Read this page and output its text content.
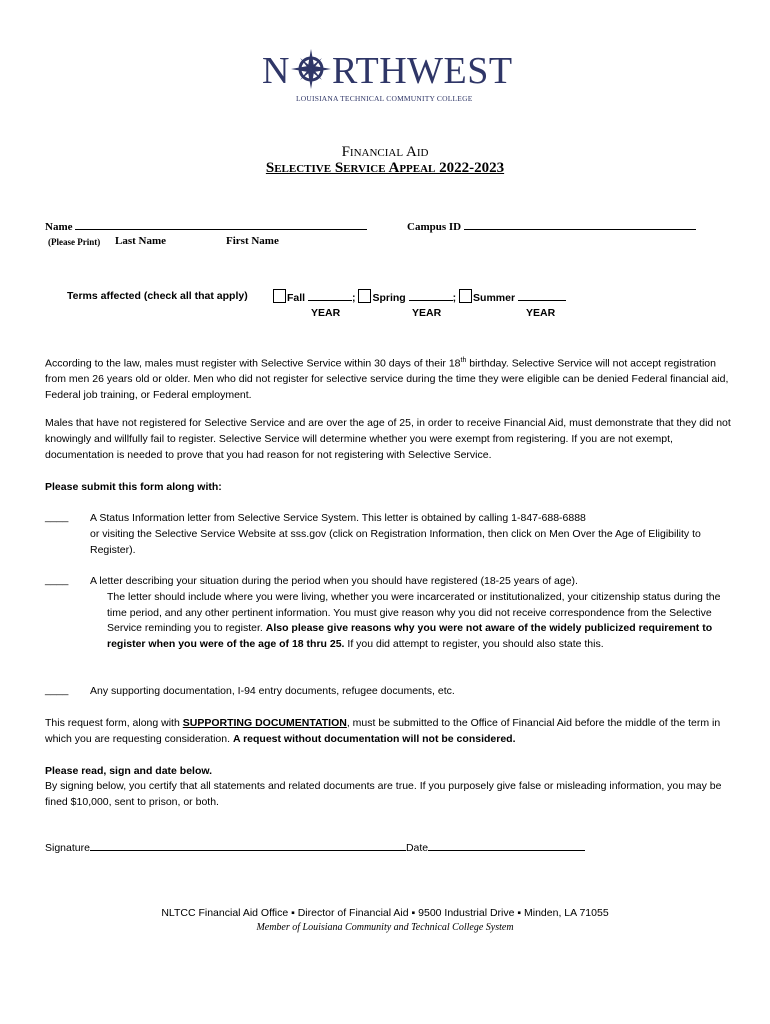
N RTHWEST
LOUISIANA TECHNICAL COMMUNITY COLLEGE
Financial Aid
Selective Service Appeal 2022-2023
Name	Campus ID
(Please Print) Last Name	First Name
Terms affected (check all that apply)	Fall	; Spring	; Summer
YEAR	YEAR	YEAR

According to the law, males must register with Selective Service within 30 days of their 18th birthday. Selective Service will not accept registration from men 26 years old or older. Men who did not register for selective service during the time they were eligible can be denied Federal financial aid, Federal job training, or Federal employment.

Males that have not registered for Selective Service and are over the age of 25, in order to receive Financial Aid, must demonstrate that they did not knowingly and willfully fail to register. Selective Service will determine whether you were exempt from registering. If you are not exempt, documentation is needed to prove that you had reason for not registering with Selective Service.

Please submit this form along with:

____ A Status Information letter from Selective Service System. This letter is obtained by calling 1-847-688-6888
or visiting the Selective Service Website at sss.gov (click on Registration Information, then click on Men Over the Age of Eligibility to Register).

____ A letter describing your situation during the period when you should have registered (18-25 years of age).
The letter should include where you were living, whether you were incarcerated or institutionalized, your citizenship status during the time period, and any other pertinent information. You must give reason why you did not receive correspondence from the Selective Service reminding you to register. Also please give reasons why you were not aware of the widely publicized requirement to register when you were of the age of 18 thru 25. If you did attempt to register, you should also state this.

____ Any supporting documentation, I-94 entry documents, refugee documents, etc.

This request form, along with SUPPORTING DOCUMENTATION, must be submitted to the Office of Financial Aid before the middle of the term in which you are requesting consideration. A request without documentation will not be considered.

Please read, sign and date below.

By signing below, you certify that all statements and related documents are true. If you purposely give false or misleading information, you may be fined $10,000, sent to prison, or both.

Signature	Date
NLTCC Financial Aid Office ▪ Director of Financial Aid ▪ 9500 Industrial Drive ▪ Minden, LA 71055
Member of Louisiana Community and Technical College System
